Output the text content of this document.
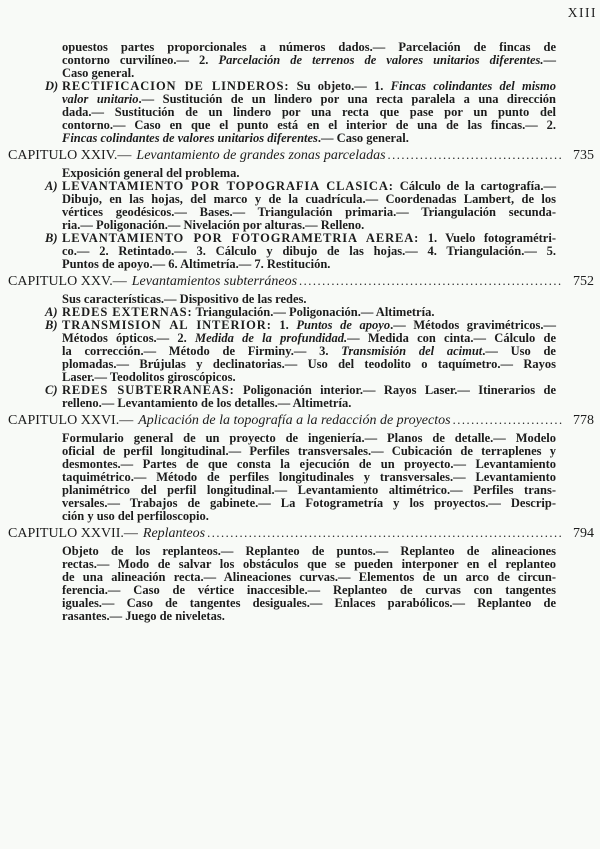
XIII
opuestos partes proporcionales a números dados.— Parcelación de fincas de
contorno curvilíneo.— 2. Parcelación de terrenos de valores unitarios diferentes.—
Caso general.
D) RECTIFICACION DE LINDEROS: Su objeto.— 1. Fincas colindantes del mismo
valor unitario.— Sustitución de un lindero por una recta paralela a una dirección
dada.— Sustitución de un lindero por una recta que pase por un punto del
contorno.— Caso en que el punto está en el interior de una de las fincas.— 2.
Fincas colindantes de valores unitarios diferentes.— Caso general.
CAPITULO XXIV.— Levantamiento de grandes zonas parceladas .....	735
Exposición general del problema.
A) LEVANTAMIENTO POR TOPOGRAFIA CLASICA: Cálculo de la cartografía.—
Dibujo, en las hojas, del marco y de la cuadrícula.— Coordenadas Lambert, de los
vértices geodésicos.— Bases.— Triangulación primaria.— Triangulación secunda-
ria.— Poligonación.— Nivelación por alturas.— Relleno.
B) LEVANTAMIENTO POR FOTOGRAMETRIA AEREA: 1. Vuelo fotogramétri-
co.— 2. Retintado.— 3. Cálculo y dibujo de las hojas.— 4. Triangulación.— 5.
Puntos de apoyo.— 6. Altimetría.— 7. Restitución.
CAPITULO XXV.— Levantamientos subterráneos .....	752
Sus características.— Dispositivo de las redes.
A) REDES EXTERNAS: Triangulación.— Poligonación.— Altimetría.
B) TRANSMISION AL INTERIOR: 1. Puntos de apoyo.— Métodos gravimétricos.—
Métodos ópticos.— 2. Medida de la profundidad.— Medida con cinta.— Cálculo de
la corrección.— Método de Firminy.— 3. Transmisión del acimut.— Uso de
plomadas.— Brújulas y declinatorias.— Uso del teodolito o taquímetro.— Rayos
Laser.— Teodolitos giroscópicos.
C) REDES SUBTERRANEAS: Poligonación interior.— Rayos Laser.— Itinerarios de
relleno.— Levantamiento de los detalles.— Altimetría.
CAPITULO XXVI.— Aplicación de la topografía a la redacción de proyectos .....	778
Formulario general de un proyecto de ingeniería.— Planos de detalle.— Modelo
oficial de perfil longitudinal.— Perfiles transversales.— Cubicación de terraplenes y
desmontes.— Partes de que consta la ejecución de un proyecto.— Levantamiento
taquimétrico.— Método de perfiles longitudinales y transversales.— Levantamiento
planimétrico del perfil longitudinal.— Levantamiento altimétrico.— Perfiles trans-
versales.— Trabajos de gabinete.— La Fotogrametría y los proyectos.— Descrip-
ción y uso del perfiloscopio.
CAPITULO XXVII.— Replanteos .....	794
Objeto de los replanteos.— Replanteo de puntos.— Replanteo de alineaciones
rectas.— Modo de salvar los obstáculos que se pueden interponer en el replanteo
de una alineación recta.— Alineaciones curvas.— Elementos de un arco de circun-
ferencia.— Caso de vértice inaccesible.— Replanteo de curvas con tangentes
iguales.— Caso de tangentes desiguales.— Enlaces parabólicos.— Replanteo de
rasantes.— Juego de niveletas.
